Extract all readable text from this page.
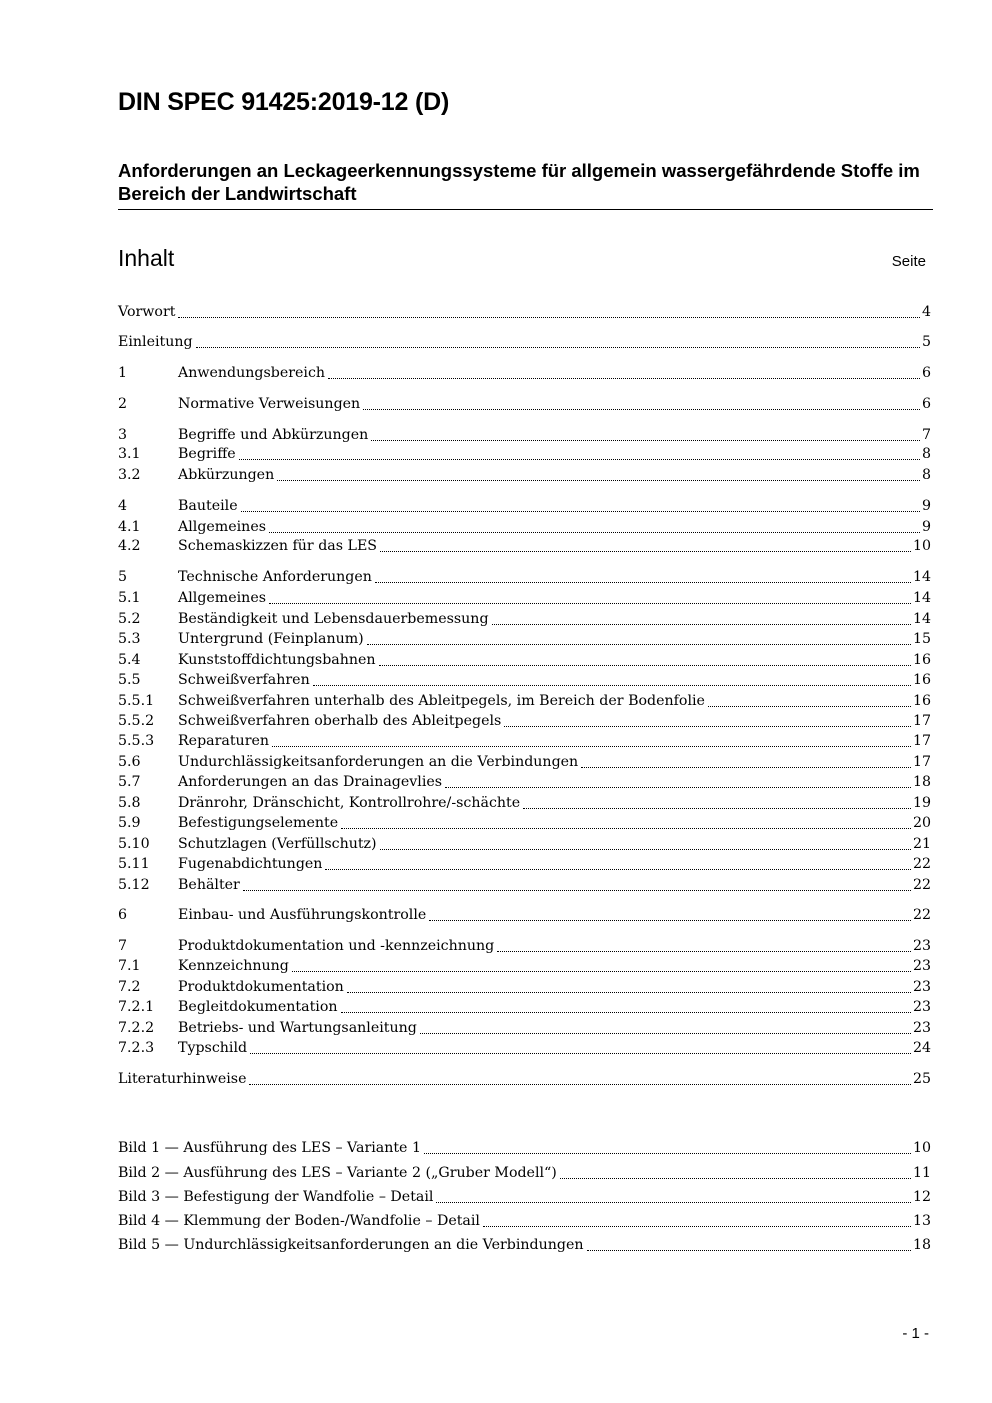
DIN SPEC 91425:2019-12 (D)
Anforderungen an Leckageerkennungssysteme für allgemein wassergefährdende Stoffe im Bereich der Landwirtschaft
Inhalt	Seite
Vorwort	4
Einleitung	5
1	Anwendungsbereich	6
2	Normative Verweisungen	6
3	Begriffe und Abkürzungen	7
3.1	Begriffe	8
3.2	Abkürzungen	8
4	Bauteile	9
4.1	Allgemeines	9
4.2	Schemaskizzen für das LES	10
5	Technische Anforderungen	14
5.1	Allgemeines	14
5.2	Beständigkeit und Lebensdauerbemessung	14
5.3	Untergrund (Feinplanum)	15
5.4	Kunststoffdichtungsbahnen	16
5.5	Schweißverfahren	16
5.5.1	Schweißverfahren unterhalb des Ableitpegels, im Bereich der Bodenfolie	16
5.5.2	Schweißverfahren oberhalb des Ableitpegels	17
5.5.3	Reparaturen	17
5.6	Undurchlässigkeitsanforderungen an die Verbindungen	17
5.7	Anforderungen an das Drainagevlies	18
5.8	Dränrohr, Dränschicht, Kontrollrohre/-schächte	19
5.9	Befestigungselemente	20
5.10	Schutzlagen (Verfüllschutz)	21
5.11	Fugenabdichtungen	22
5.12	Behälter	22
6	Einbau- und Ausführungskontrolle	22
7	Produktdokumentation und -kennzeichnung	23
7.1	Kennzeichnung	23
7.2	Produktdokumentation	23
7.2.1	Begleitdokumentation	23
7.2.2	Betriebs- und Wartungsanleitung	23
7.2.3	Typschild	24
Literaturhinweise	25
Bild 1 — Ausführung des LES – Variante 1	10
Bild 2 — Ausführung des LES – Variante 2 („Gruber Modell“)	11
Bild 3 — Befestigung der Wandfolie – Detail	12
Bild 4 — Klemmung der Boden-/Wandfolie – Detail	13
Bild 5 — Undurchlässigkeitsanforderungen an die Verbindungen	18
- 1 -
